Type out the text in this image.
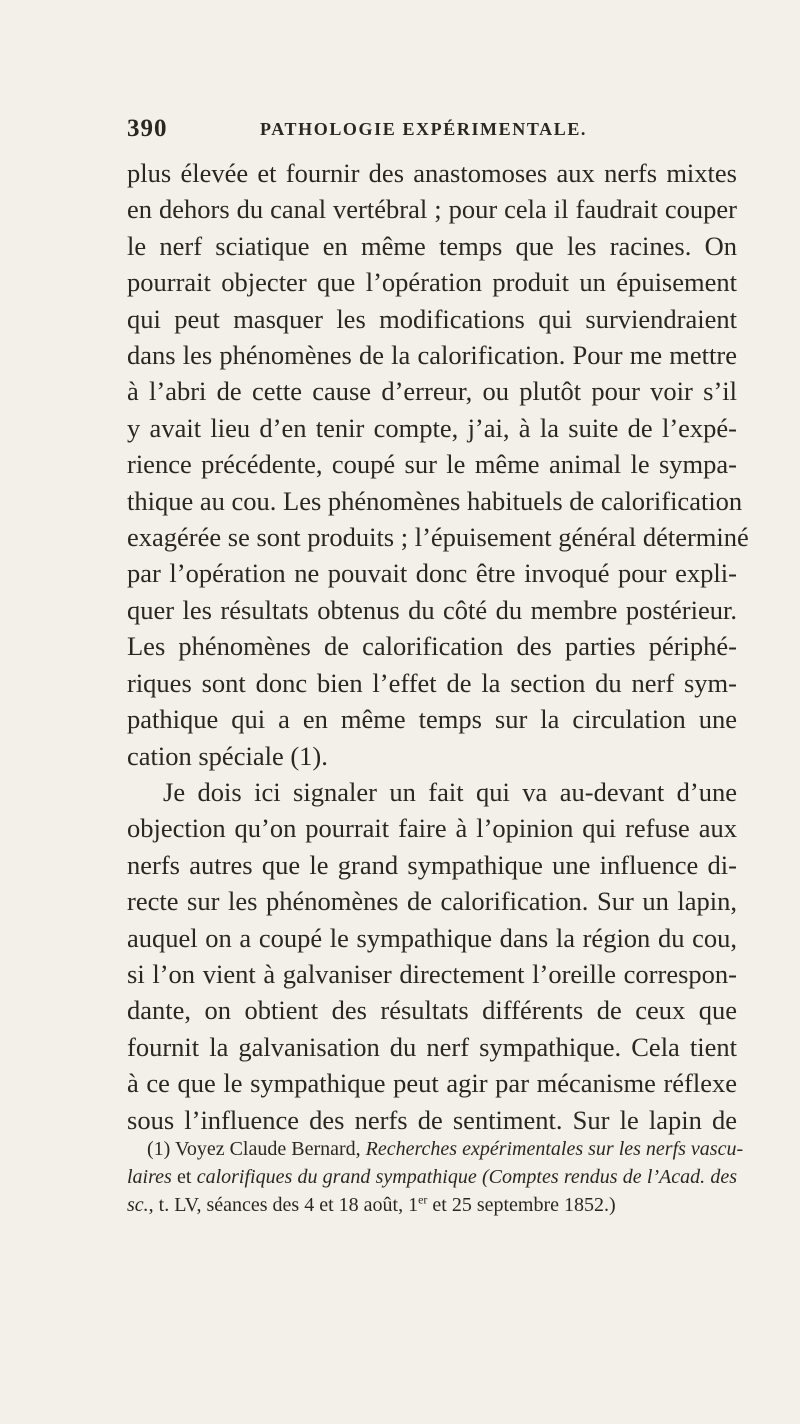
390	PATHOLOGIE EXPÉRIMENTALE.
plus élevée et fournir des anastomoses aux nerfs mixtes
en dehors du canal vertébral ; pour cela il faudrait couper
le nerf sciatique en même temps que les racines. On
pourrait objecter que l’opération produit un épuisement
qui peut masquer les modifications qui surviendraient
dans les phénomènes de la calorification. Pour me mettre
à l’abri de cette cause d’erreur, ou plutôt pour voir s’il
y avait lieu d’en tenir compte, j’ai, à la suite de l’expé-
rience précédente, coupé sur le même animal le sympa-
thique au cou. Les phénomènes habituels de calorification
exagérée se sont produits ; l’épuisement général déterminé
par l’opération ne pouvait donc être invoqué pour expli-
quer les résultats obtenus du côté du membre postérieur.
Les phénomènes de calorification des parties périphé-
riques sont donc bien l’effet de la section du nerf sym-
pathique qui a en même temps sur la circulation une
cation spéciale (1).
Je dois ici signaler un fait qui va au-devant d’une
objection qu’on pourrait faire à l’opinion qui refuse aux
nerfs autres que le grand sympathique une influence di-
recte sur les phénomènes de calorification. Sur un lapin,
auquel on a coupé le sympathique dans la région du cou,
si l’on vient à galvaniser directement l’oreille correspon-
dante, on obtient des résultats différents de ceux que
fournit la galvanisation du nerf sympathique. Cela tient
à ce que le sympathique peut agir par mécanisme réflexe
sous l’influence des nerfs de sentiment. Sur le lapin de
(1) Voyez Claude Bernard, Recherches expérimentales sur les nerfs vascu-
laires et calorifiques du grand sympathique (Comptes rendus de l’Acad. des
sc., t. LV, séances des 4 et 18 août, 1er et 25 septembre 1852.)
